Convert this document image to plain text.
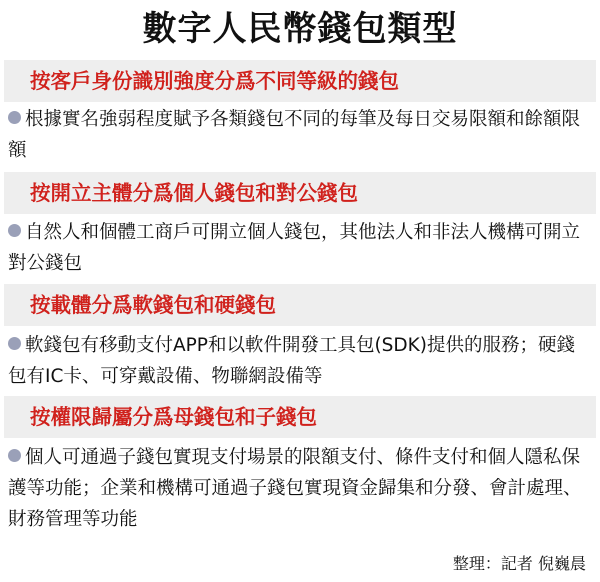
數字人民幣錢包類型
按客戶身份識別強度分爲不同等級的錢包
根據實名強弱程度賦予各類錢包不同的每筆及每日交易限額和餘額限額
按開立主體分爲個人錢包和對公錢包
自然人和個體工商戶可開立個人錢包，其他法人和非法人機構可開立對公錢包
按載體分爲軟錢包和硬錢包
軟錢包有移動支付APP和以軟件開發工具包(SDK)提供的服務；硬錢包有IC卡、可穿戴設備、物聯網設備等
按權限歸屬分爲母錢包和子錢包
個人可通過子錢包實現支付場景的限額支付、條件支付和個人隱私保護等功能；企業和機構可通過子錢包實現資金歸集和分發、會計處理、財務管理等功能
整理：記者 倪巍晨
